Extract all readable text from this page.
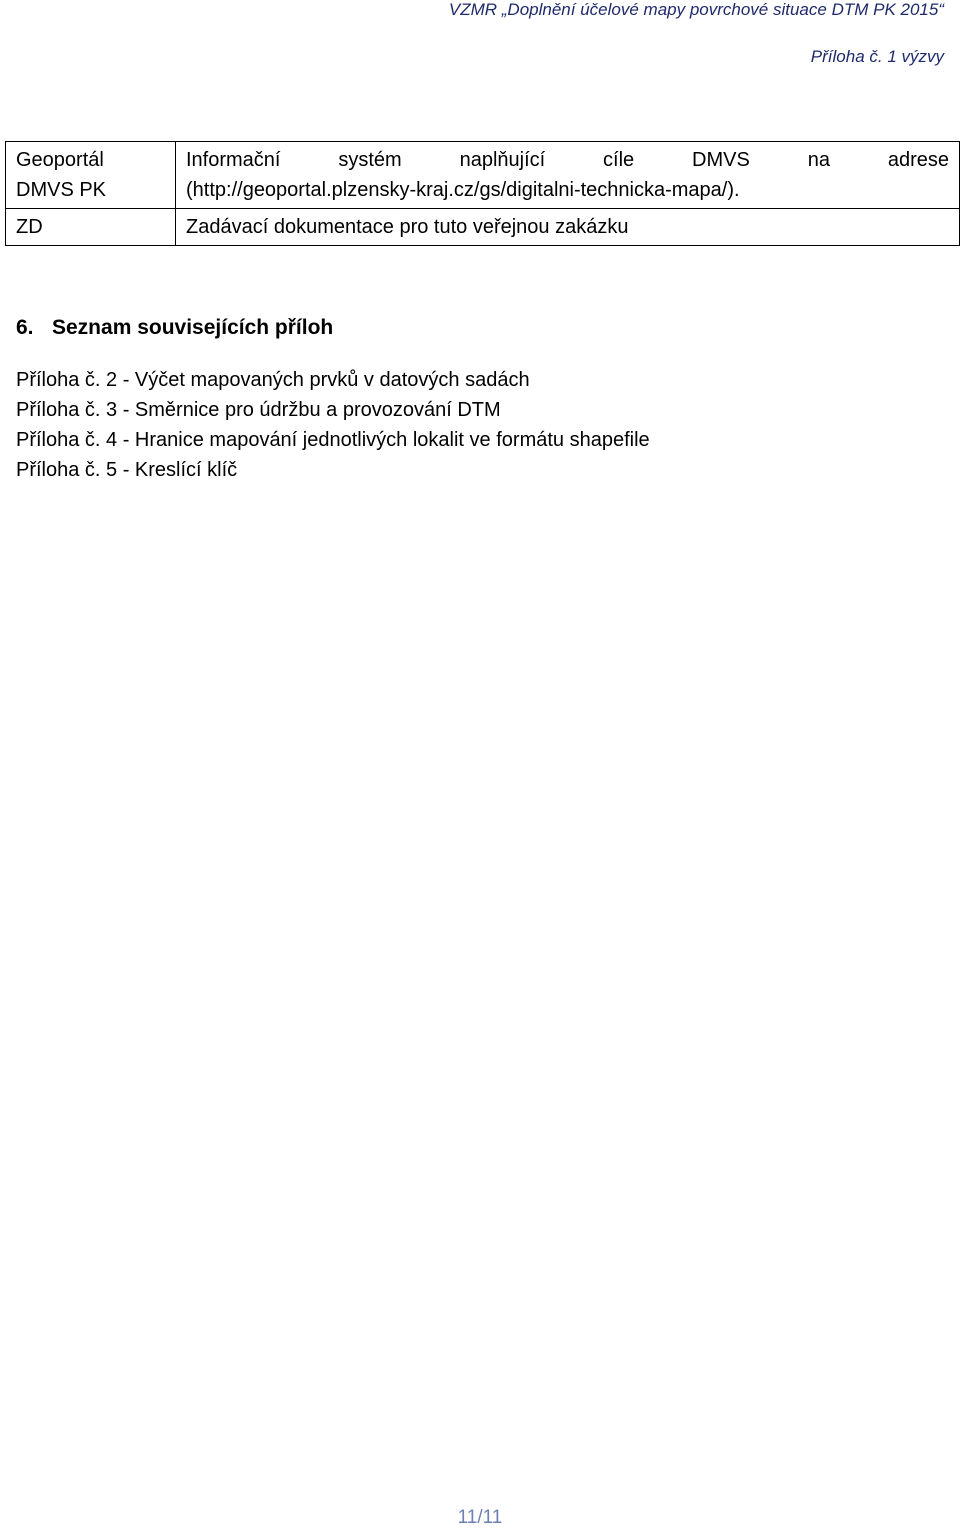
VZMR „Doplnění účelové mapy povrchové situace DTM PK 2015“
Příloha č. 1 výzvy
Geoportál
DMVS PK	Informační systém naplňující cíle DMVS na adrese
(http://geoportal.plzensky-kraj.cz/gs/digitalni-technicka-mapa/).

ZD	Zadávací dokumentace pro tuto veřejnou zakázku
6. Seznam souvisejících příloh
Příloha č. 2 - Výčet mapovaných prvků v datových sadách
Příloha č. 3 - Směrnice pro údržbu a provozování DTM
Příloha č. 4 - Hranice mapování jednotlivých lokalit ve formátu shapefile
Příloha č. 5 - Kreslící klíč
11/11
